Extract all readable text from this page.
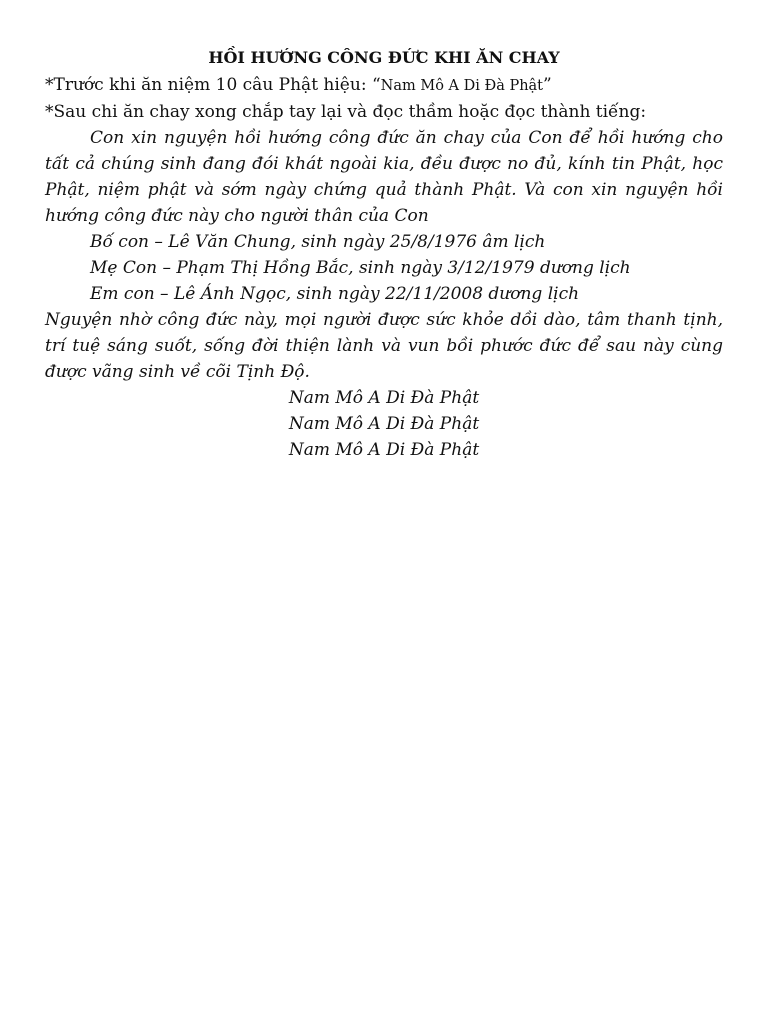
HỒI HƯỚNG CÔNG ĐỨC KHI ĂN CHAY

*Trước khi ăn niệm 10 câu Phật hiệu: “Nam Mô A Di Đà Phật”

*Sau chi ăn chay xong chắp tay lại và đọc thầm hoặc đọc thành tiếng:

Con xin nguyện hồi hướng công đức ăn chay của Con để hồi hướng cho tất cả chúng sinh đang đói khát ngoài kia, đều được no đủ, kính tin Phật, học Phật, niệm phật và sớm ngày chứng quả thành Phật. Và con xin nguyện hồi hướng công đức này cho người thân của Con

Bố con – Lê Văn Chung, sinh ngày 25/8/1976 âm lịch

Mẹ Con – Phạm Thị Hồng Bắc, sinh ngày 3/12/1979 dương lịch

Em con – Lê Ánh Ngọc, sinh ngày 22/11/2008 dương lịch

Nguyện nhờ công đức này, mọi người được sức khỏe dồi dào, tâm thanh tịnh, trí tuệ sáng suốt, sống đời thiện lành và vun bồi phước đức để sau này cùng được vãng sinh về cõi Tịnh Độ.

Nam Mô A Di Đà Phật

Nam Mô A Di Đà Phật

Nam Mô A Di Đà Phật
